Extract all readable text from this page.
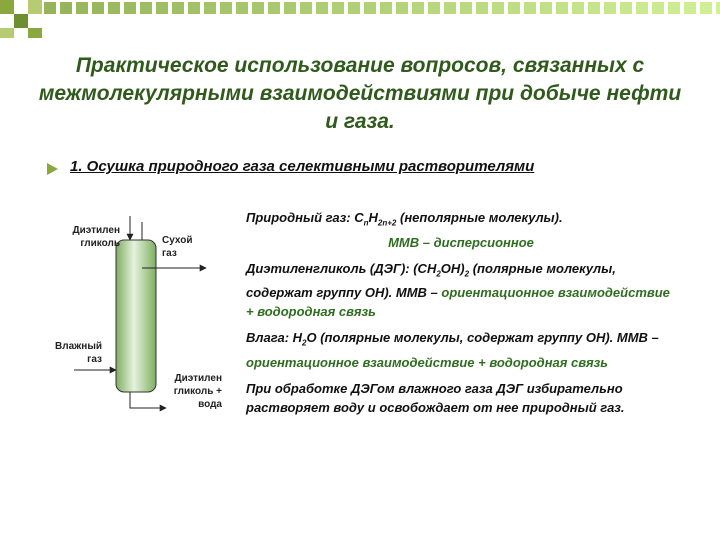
Практическое использование вопросов, связанных с межмолекулярными взаимодействиями при добыче нефти и газа.
1. Осушка природного газа селективными растворителями
Диэтилен
гликоль	Сухой
газ
Влажный
газ
Диэтилен
гликоль +
вода

Природный газ: $С_nН_{2n+2}$ (неполярные молекулы).
ММВ – дисперсионное

Диэтиленгликоль (ДЭГ): $(СН_2ОН)_2$ (полярные молекулы, содержат группу ОН). ММВ – ориентационное взаимодействие + водородная связь

Влага: $Н_2О$ (полярные молекулы, содержат группу ОН). ММВ – ориентационное взаимодействие + водородная связь

При обработке ДЭГом влажного газа ДЭГ избирательно растворяет воду и освобождает от нее природный газ.
